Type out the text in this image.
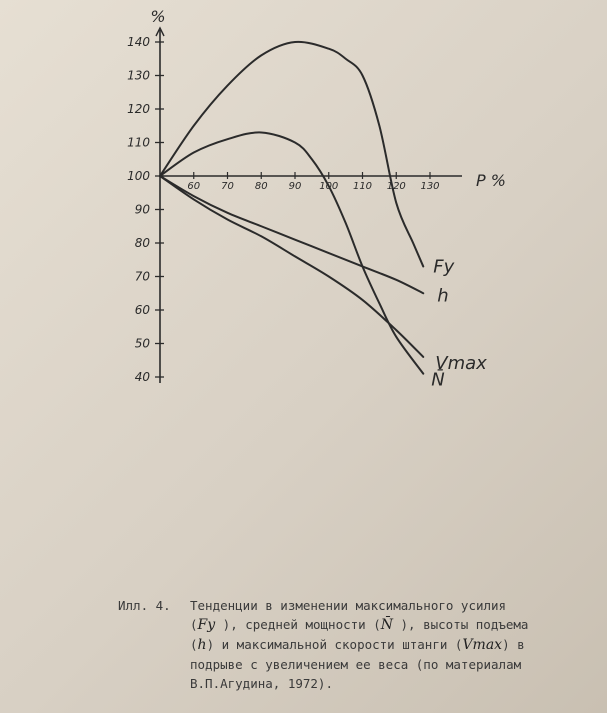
40
50
60
70
80
90
100
110
120
130
140
60 70 80 90 100 110 120 130
%
P %
Fy
N̄
h
Vmax
Илл. 4. Тенденции в изменении максимального усилия
(Fy ), средней мощности (N̄ ), высоты подъема
(h) и максимальной скорости штанги (Vmax) в
подрыве с увеличением ее веса (по материалам
В.П.Агудина, 1972).
